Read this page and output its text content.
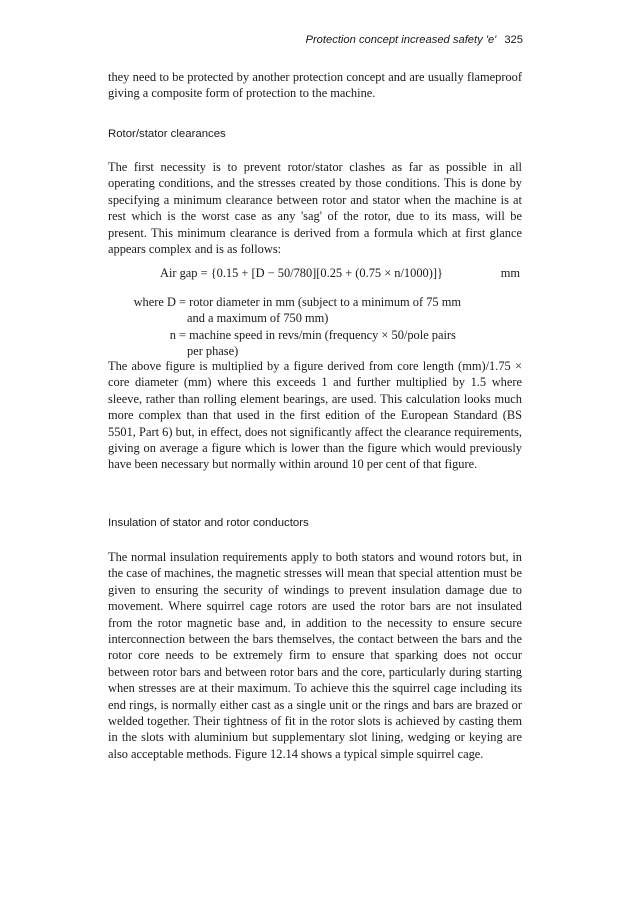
Protection concept increased safety 'e' 325

they need to be protected by another protection concept and are usually flameproof giving a composite form of protection to the machine.

Rotor/stator clearances

The first necessity is to prevent rotor/stator clashes as far as possible in all operating conditions, and the stresses created by those conditions. This is done by specifying a minimum clearance between rotor and stator when the machine is at rest which is the worst case as any 'sag' of the rotor, due to its mass, will be present. This minimum clearance is derived from a formula which at first glance appears complex and is as follows:

Air gap = {0.15 + [D − 50/780][0.25 + (0.75 × n/1000)]}	mm
where D = rotor diameter in mm (subject to a minimum of 75 mm
and a maximum of 750 mm)
n = machine speed in revs/min (frequency × 50/pole pairs
per phase)

The above figure is multiplied by a figure derived from core length (mm)/1.75 × core diameter (mm) where this exceeds 1 and further multiplied by 1.5 where sleeve, rather than rolling element bearings, are used. This calculation looks much more complex than that used in the first edition of the European Standard (BS 5501, Part 6) but, in effect, does not significantly affect the clearance requirements, giving on average a figure which is lower than the figure which would previously have been necessary but normally within around 10 per cent of that figure.

Insulation of stator and rotor conductors

The normal insulation requirements apply to both stators and wound rotors but, in the case of machines, the magnetic stresses will mean that special attention must be given to ensuring the security of windings to prevent insulation damage due to movement. Where squirrel cage rotors are used the rotor bars are not insulated from the rotor magnetic base and, in addition to the necessity to ensure secure interconnection between the bars themselves, the contact between the bars and the rotor core needs to be extremely firm to ensure that sparking does not occur between rotor bars and between rotor bars and the core, particularly during starting when stresses are at their maximum. To achieve this the squirrel cage including its end rings, is normally either cast as a single unit or the rings and bars are brazed or welded together. Their tightness of fit in the rotor slots is achieved by casting them in the slots with aluminium but supplementary slot lining, wedging or keying are also acceptable methods. Figure 12.14 shows a typical simple squirrel cage.
